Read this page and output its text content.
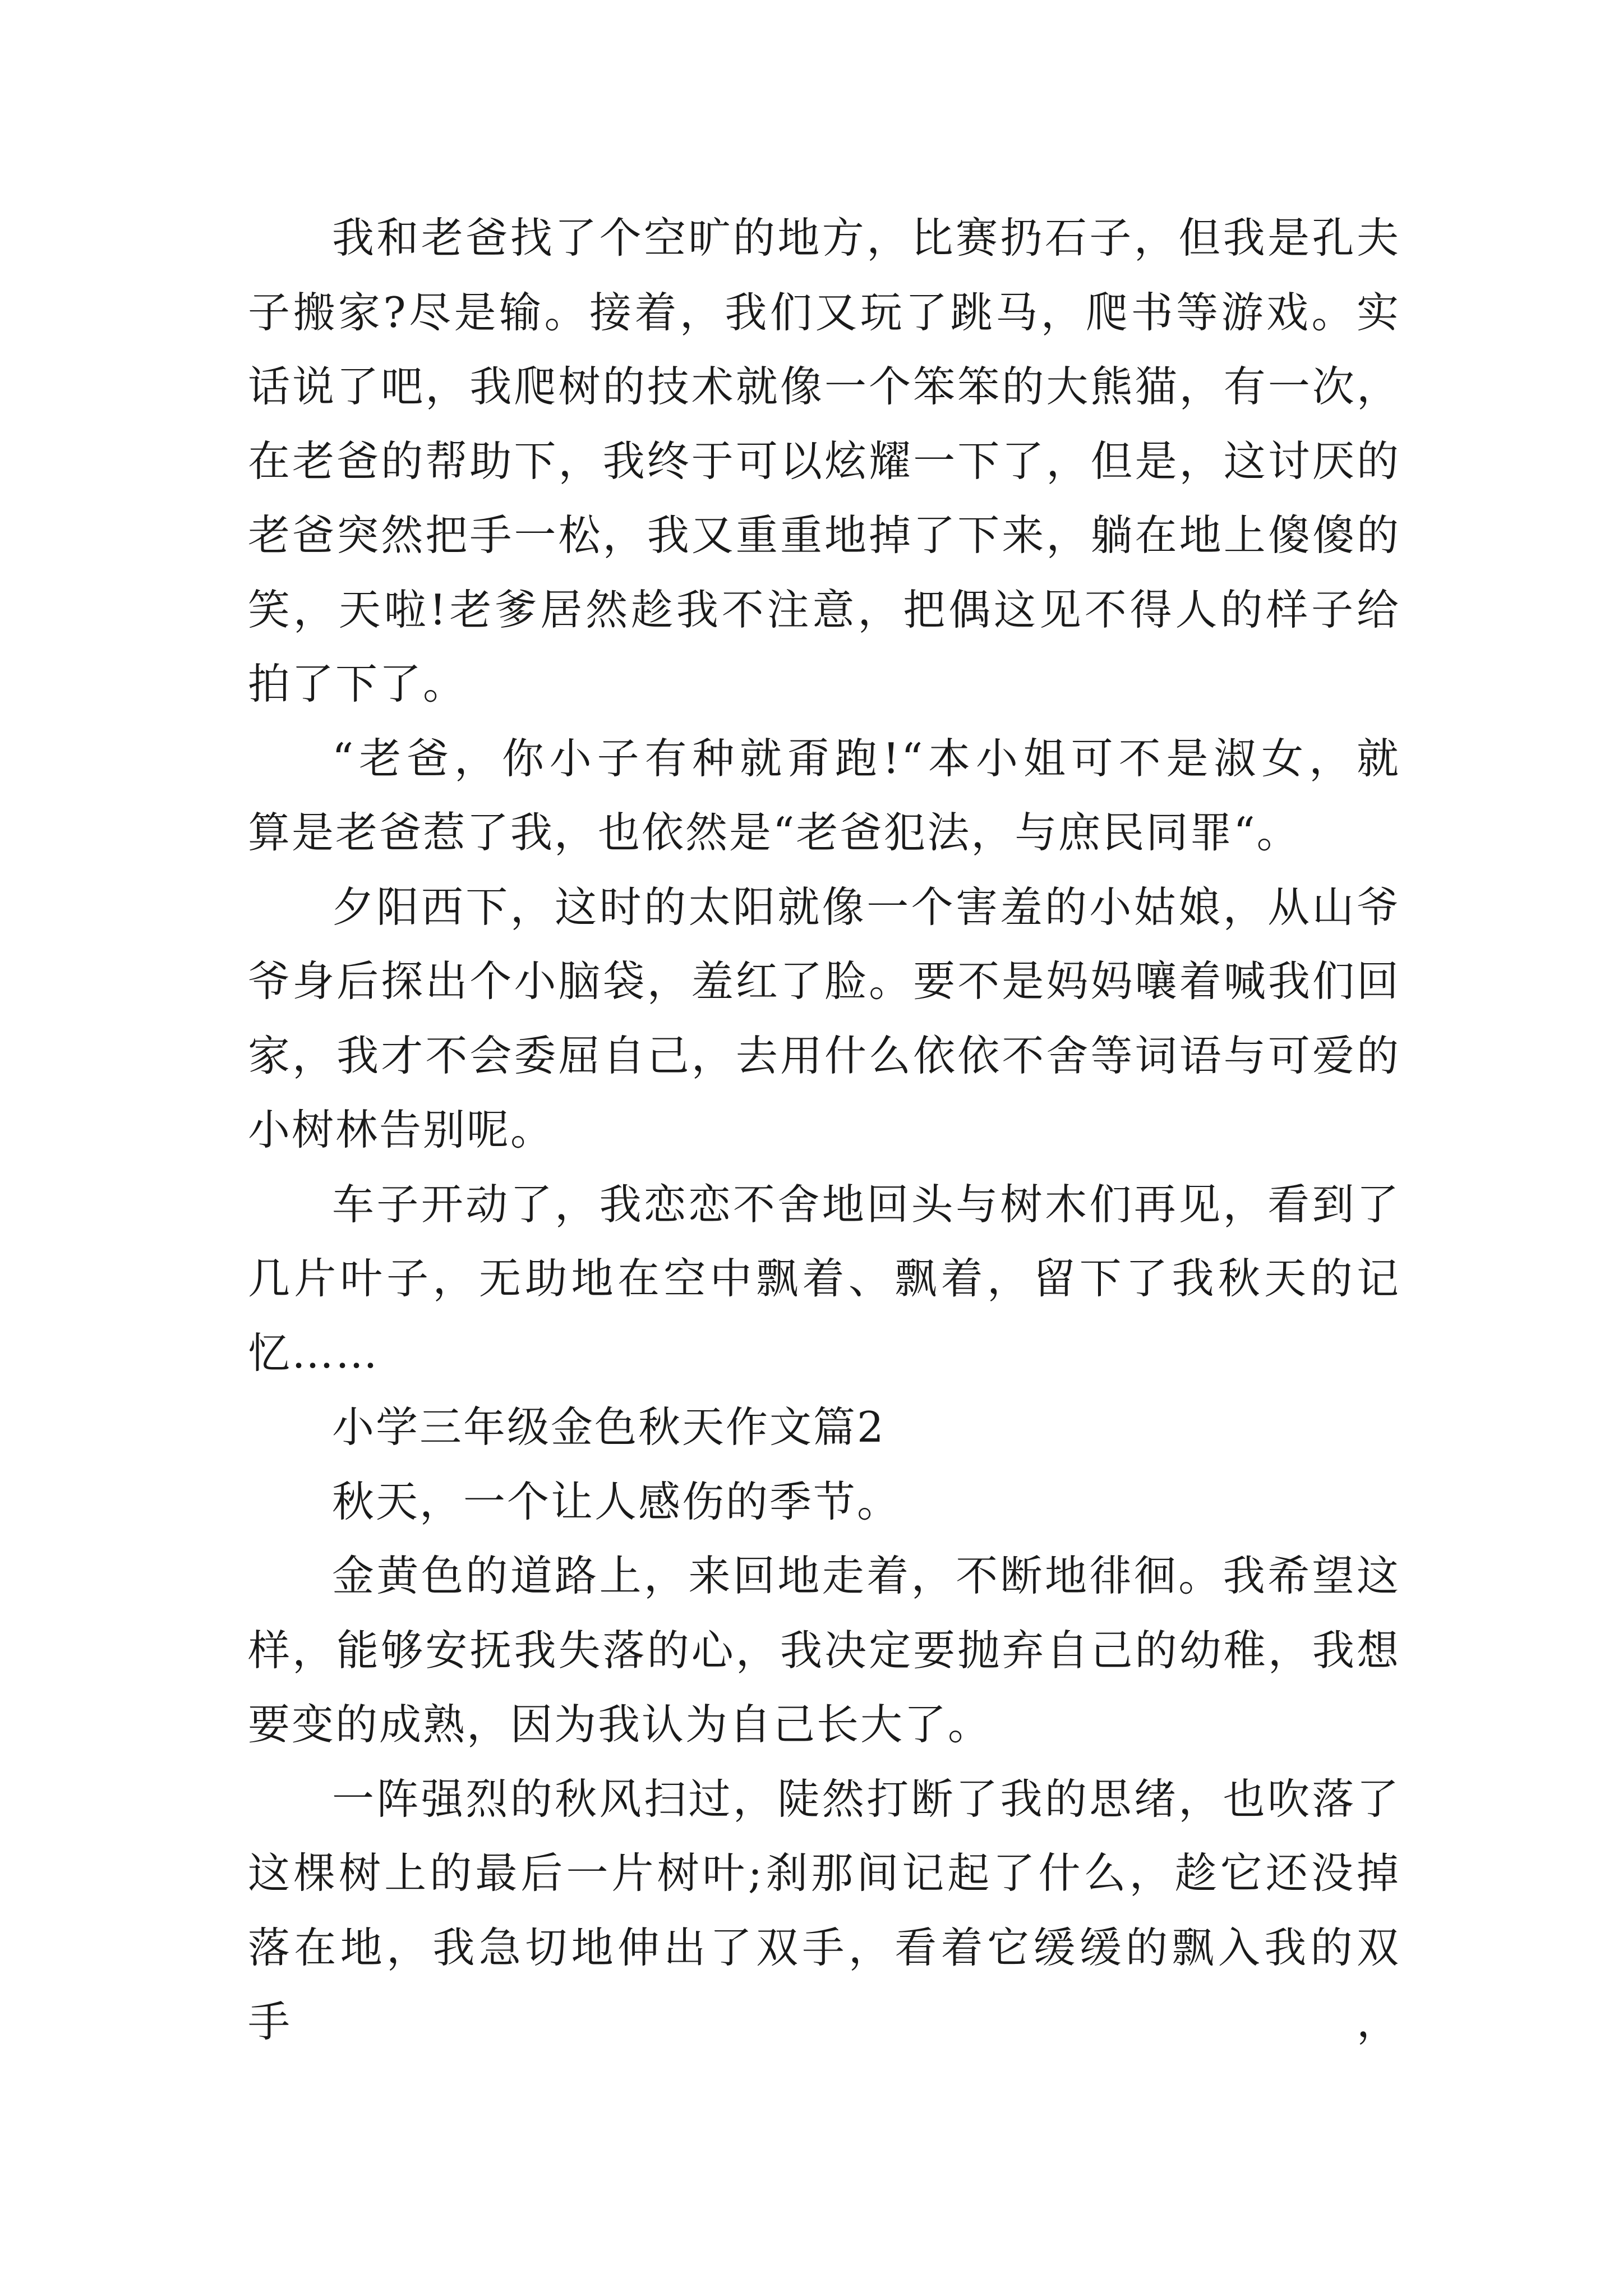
我和老爸找了个空旷的地方，比赛扔石子，但我是孔夫
子搬家?尽是输。接着，我们又玩了跳马，爬书等游戏。实
话说了吧，我爬树的技术就像一个笨笨的大熊猫，有一次，
在老爸的帮助下，我终于可以炫耀一下了，但是，这讨厌的
老爸突然把手一松，我又重重地掉了下来，躺在地上傻傻的
笑，天啦!老爹居然趁我不注意，把偶这见不得人的样子给
拍了下了。
“老爸，你小子有种就甭跑!“本小姐可不是淑女，就
算是老爸惹了我，也依然是“老爸犯法，与庶民同罪“。
夕阳西下，这时的太阳就像一个害羞的小姑娘，从山爷
爷身后探出个小脑袋，羞红了脸。要不是妈妈嚷着喊我们回
家，我才不会委屈自己，去用什么依依不舍等词语与可爱的
小树林告别呢。
车子开动了，我恋恋不舍地回头与树木们再见，看到了
几片叶子，无助地在空中飘着、飘着，留下了我秋天的记
忆……
小学三年级金色秋天作文篇2
秋天，一个让人感伤的季节。
金黄色的道路上，来回地走着，不断地徘徊。我希望这
样，能够安抚我失落的心，我决定要抛弃自己的幼稚，我想
要变的成熟，因为我认为自己长大了。
一阵强烈的秋风扫过，陡然打断了我的思绪，也吹落了
这棵树上的最后一片树叶;刹那间记起了什么，趁它还没掉
落在地，我急切地伸出了双手，看着它缓缓的飘入我的双手，
